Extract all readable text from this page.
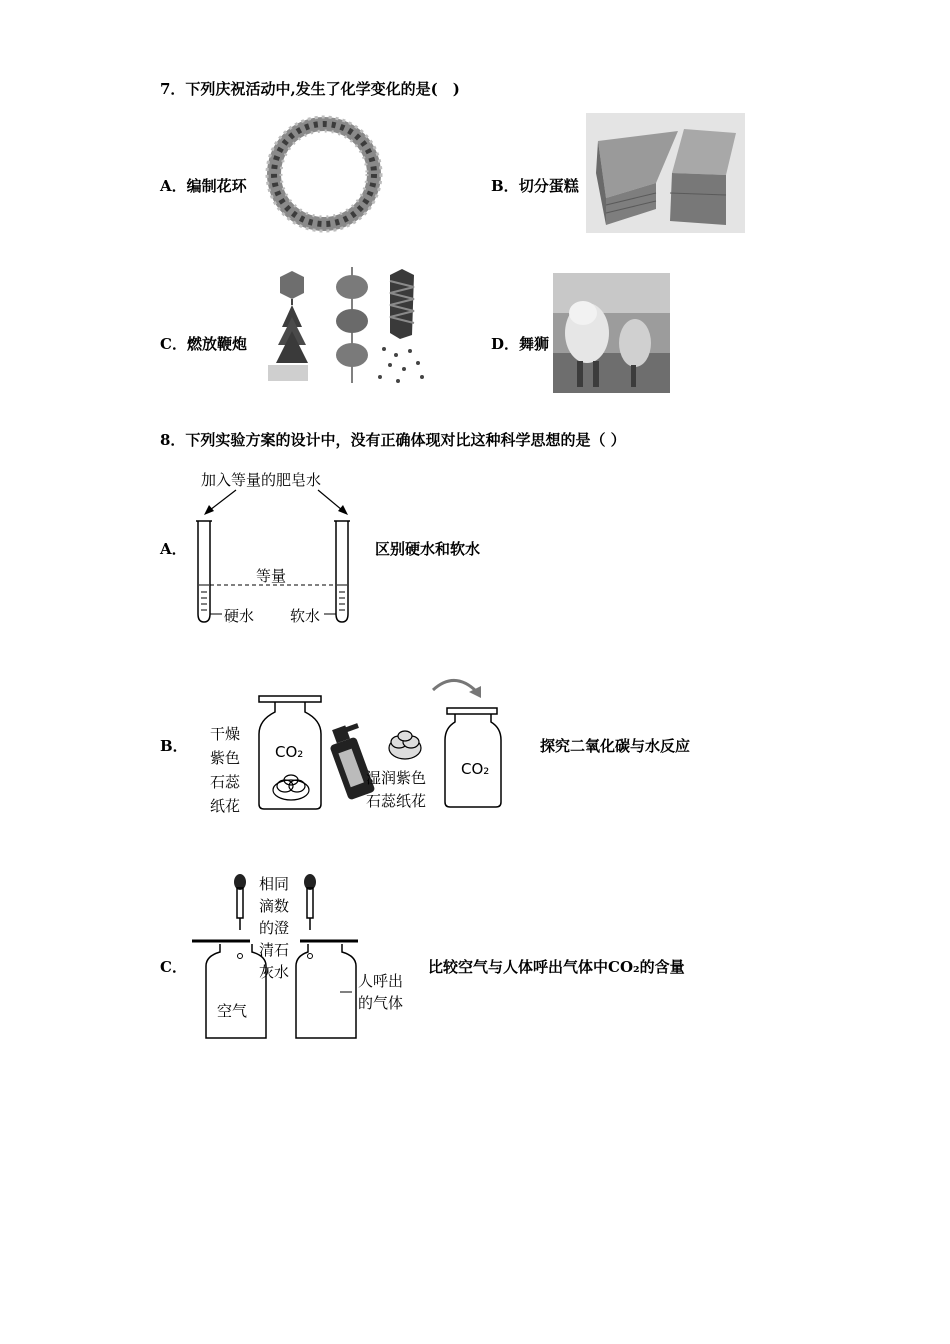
7．下列庆祝活动中,发生了化学变化的是(　)
A．编制花环	B．切分蛋糕
C．燃放鞭炮	D．舞狮
8．下列实验方案的设计中，没有正确体现对比这种科学思想的是（ ）
A．
加入等量的肥皂水
等量
硬水 软水
区别硬水和软水
B．
干燥
紫色
石蕊
纸花
CO₂
CO₂
湿润紫色
石蕊纸花
探究二氧化碳与水反应
C．
相同
滴数
的澄
清石
灰水
空气
人呼出
的气体
比较空气与人体呼出气体中CO₂的含量
